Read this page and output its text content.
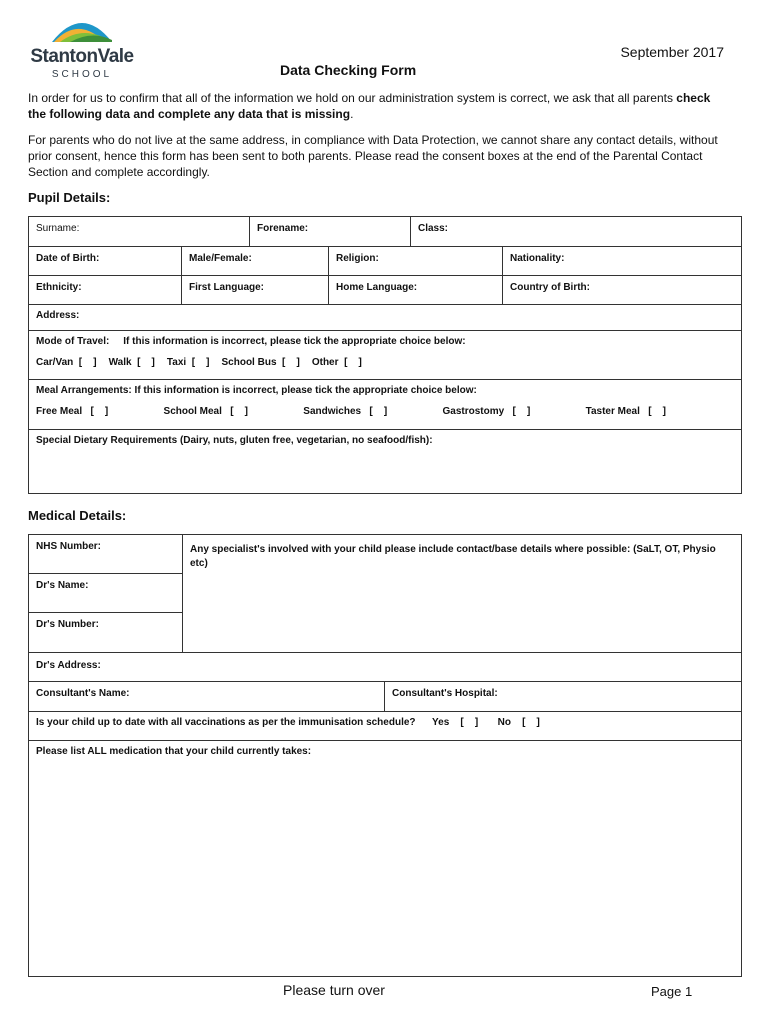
StantonVale
SCHOOL
September 2017
Data Checking Form

In order for us to confirm that all of the information we hold on our administration system is correct, we ask that all parents check the following data and complete any data that is missing.

For parents who do not live at the same address, in compliance with Data Protection, we cannot share any contact details, without prior consent, hence this form has been sent to both parents. Please read the consent boxes at the end of the Parental Contact Section and complete accordingly.

Pupil Details:
Surname:	Forename:	Class:
Date of Birth:	Male/Female:	Religion:	Nationality:
Ethnicity:	First Language:	Home Language:	Country of Birth:
Address:
Mode of Travel: If this information is incorrect, please tick the appropriate choice below:
Car/Van  [    ] Walk  [    ] Taxi  [    ] School Bus  [    ] Other  [    ]
Meal Arrangements: If this information is incorrect, please tick the appropriate choice below:
Free Meal   [    ]	School Meal   [    ]	Sandwiches   [    ]	Gastrostomy   [    ]	Taster Meal   [    ]
Special Dietary Requirements (Dairy, nuts, gluten free, vegetarian, no seafood/fish):
Medical Details:
NHS Number:
Dr's Name:
Dr's Number:
Any specialist's involved with your child please include contact/base details where possible: (SaLT, OT, Physio etc)
Dr's Address:
Consultant's Name:	Consultant's Hospital:
Is your child up to date with all vaccinations as per the immunisation schedule? Yes    [    ] No    [    ]
Please list ALL medication that your child currently takes:
Please turn over	Page 1
